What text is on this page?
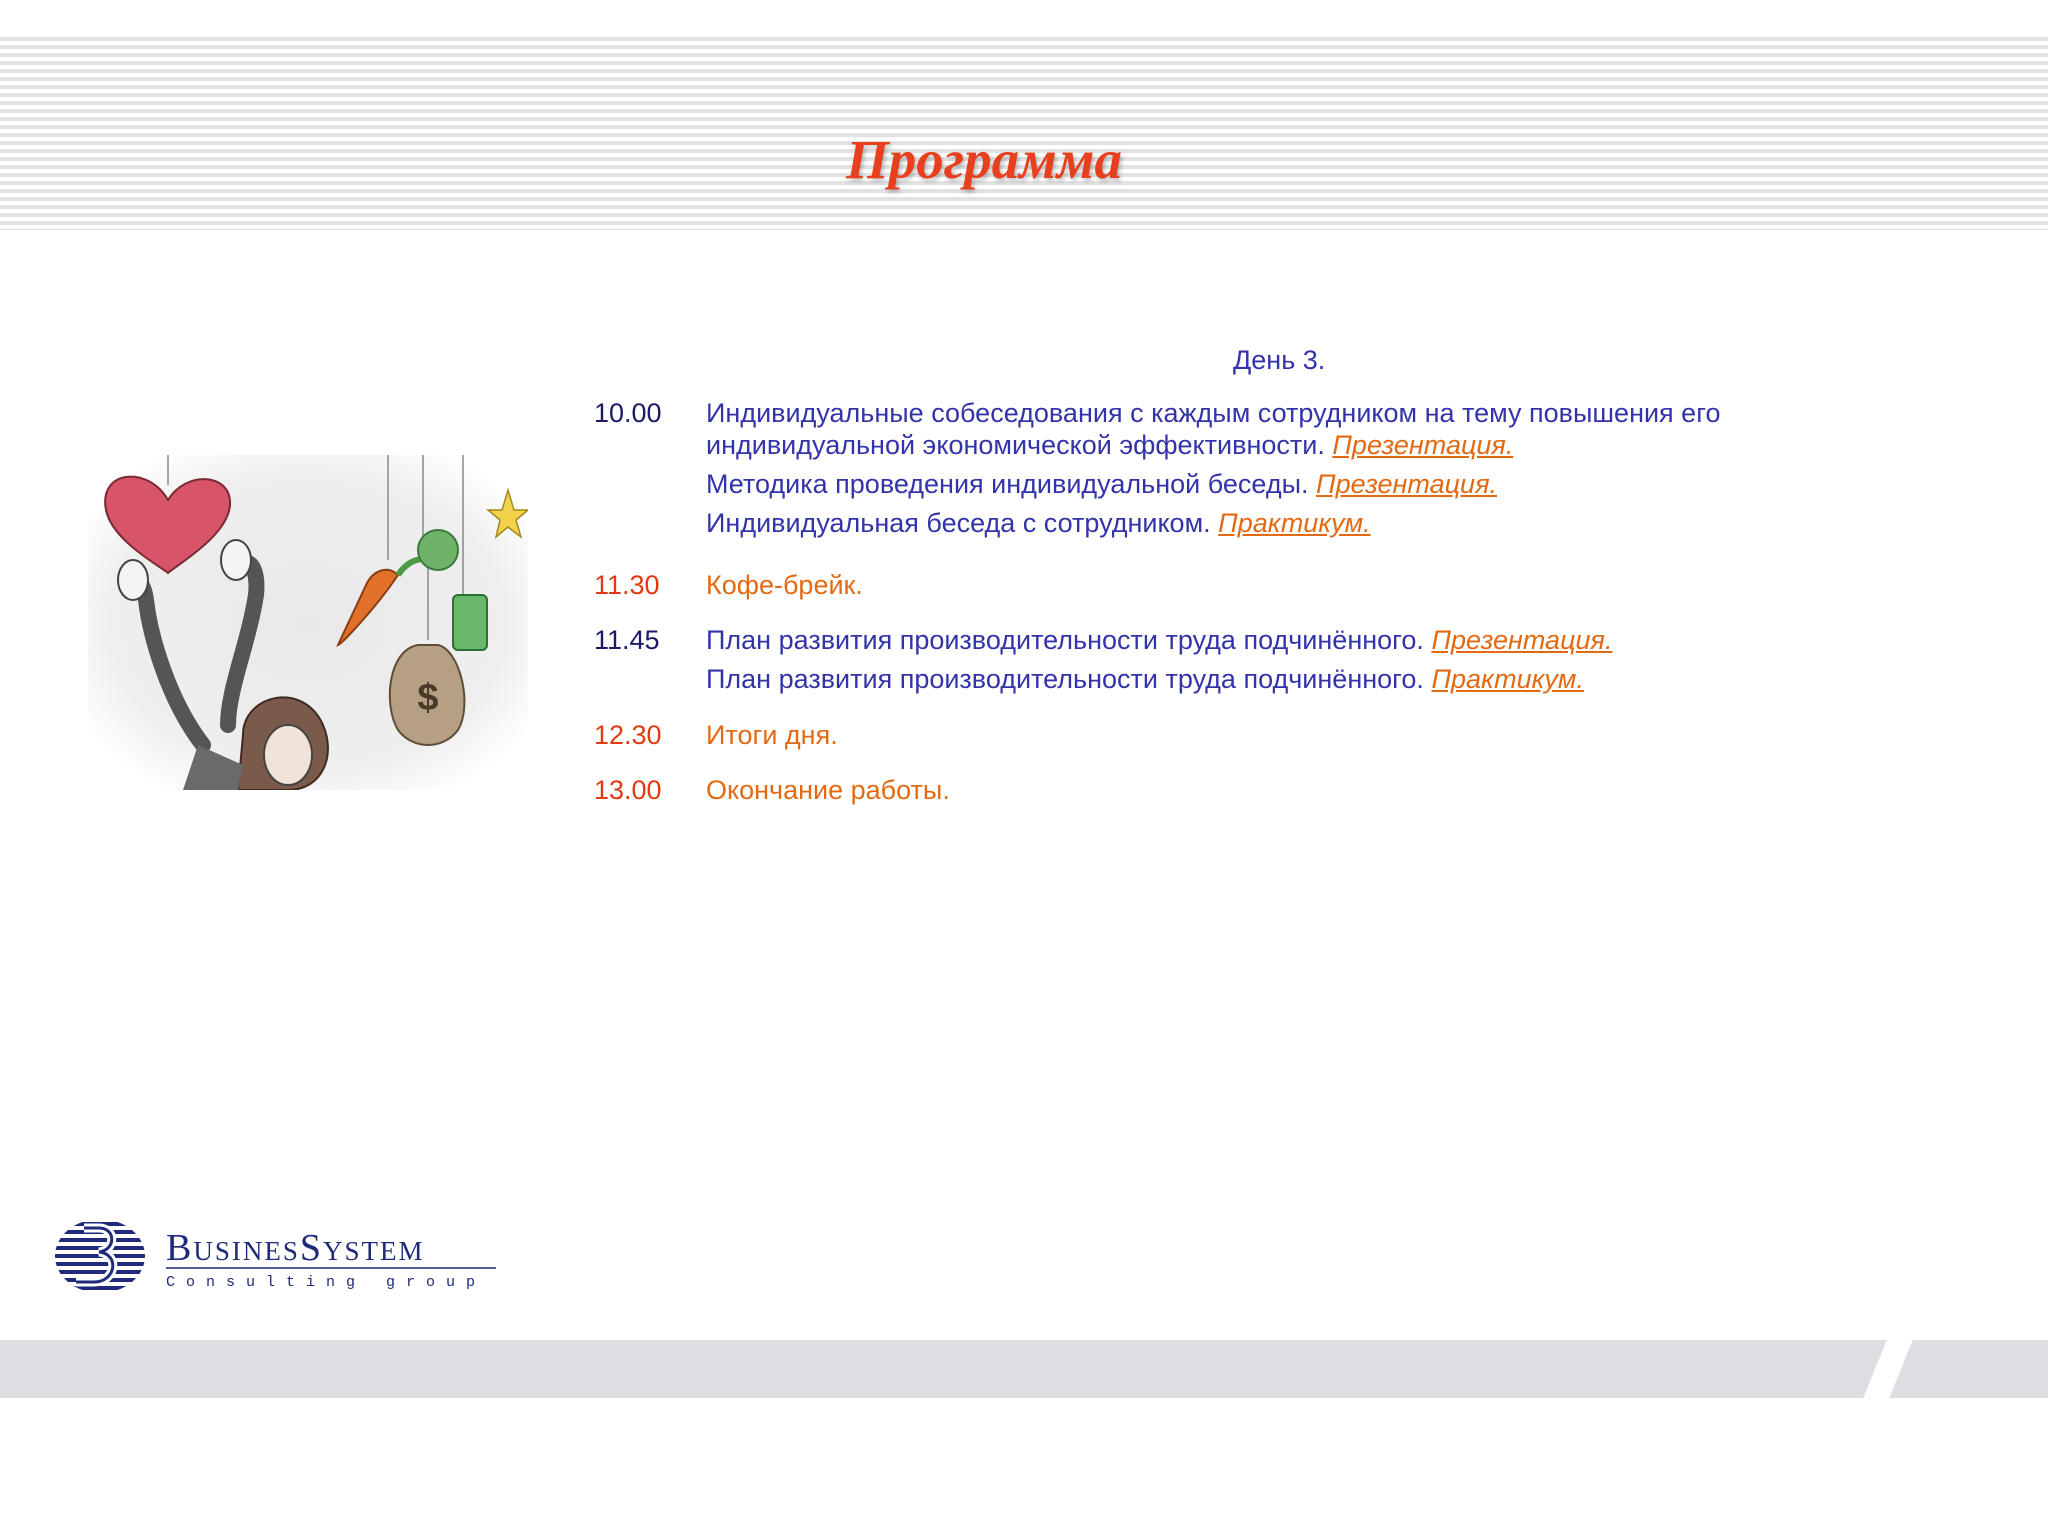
Программа
$
День 3.
10.00 Индивидуальные собеседования с каждым сотрудником на тему повышения его
индивидуальной экономической эффективности. Презентация.
Методика проведения индивидуальной беседы. Презентация.
Индивидуальная беседа с сотрудником. Практикум.
11.30 Кофе-брейк.
11.45 План развития производительности труда подчинённого. Презентация.
План развития производительности труда подчинённого. Практикум.
12.30 Итоги дня.
13.00 Окончание работы.
BusinesSystem
C o n s u l t i n g   g r o u p
